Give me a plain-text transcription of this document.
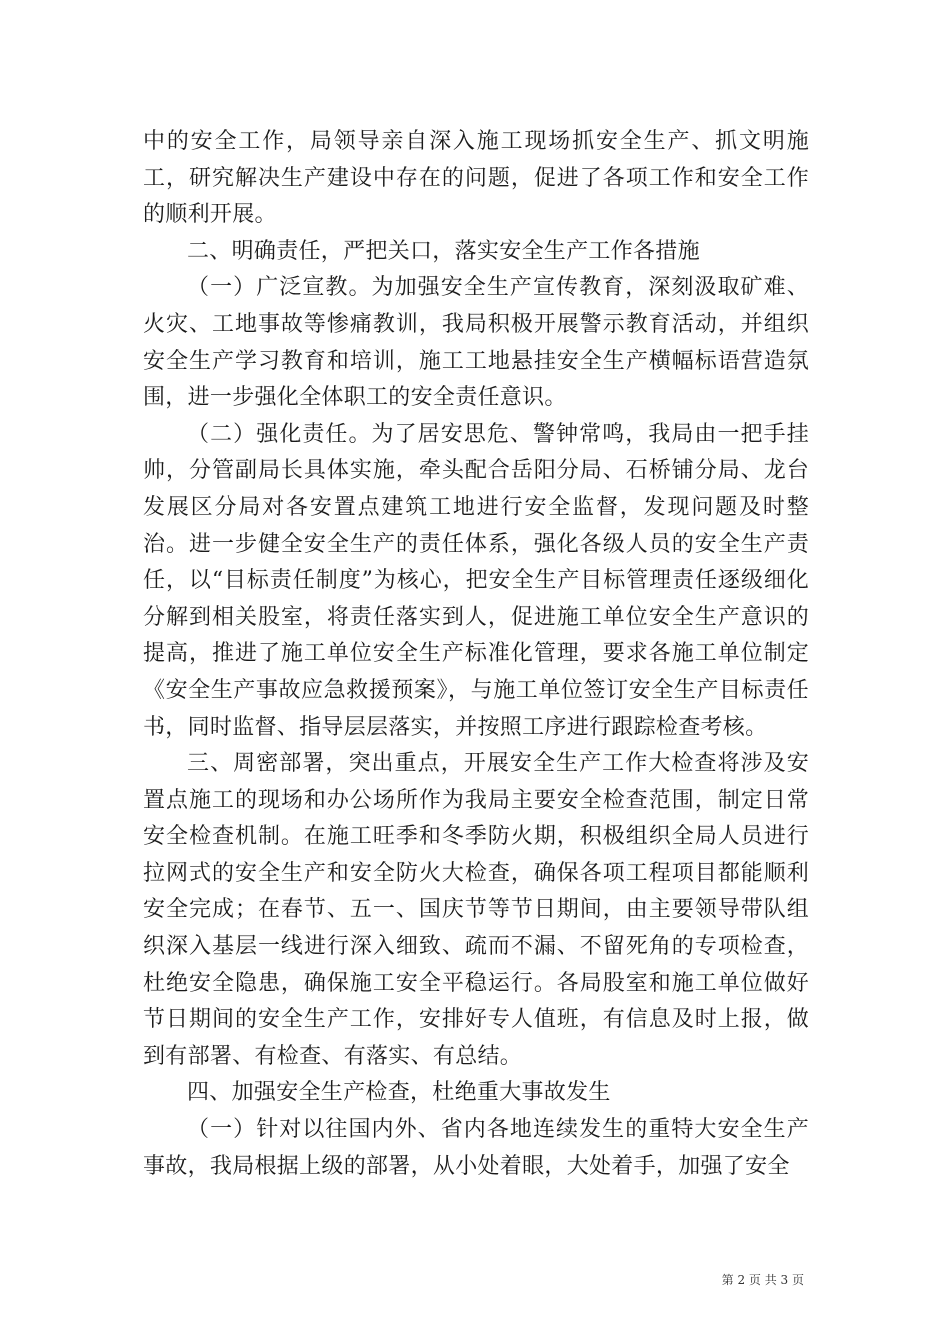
中的安全工作，局领导亲自深入施工现场抓安全生产、抓文明施工，研究解决生产建设中存在的问题，促进了各项工作和安全工作的顺利开展。

二、明确责任，严把关口，落实安全生产工作各措施

（一）广泛宣教。为加强安全生产宣传教育，深刻汲取矿难、火灾、工地事故等惨痛教训，我局积极开展警示教育活动，并组织安全生产学习教育和培训，施工工地悬挂安全生产横幅标语营造氛围，进一步强化全体职工的安全责任意识。

（二）强化责任。为了居安思危、警钟常鸣，我局由一把手挂帅，分管副局长具体实施，牵头配合岳阳分局、石桥铺分局、龙台发展区分局对各安置点建筑工地进行安全监督，发现问题及时整治。进一步健全安全生产的责任体系，强化各级人员的安全生产责任，以“目标责任制度”为核心，把安全生产目标管理责任逐级细化分解到相关股室，将责任落实到人，促进施工单位安全生产意识的提高，推进了施工单位安全生产标准化管理，要求各施工单位制定《安全生产事故应急救援预案》，与施工单位签订安全生产目标责任书，同时监督、指导层层落实，并按照工序进行跟踪检查考核。

三、周密部署，突出重点，开展安全生产工作大检查将涉及安置点施工的现场和办公场所作为我局主要安全检查范围，制定日常安全检查机制。在施工旺季和冬季防火期，积极组织全局人员进行拉网式的安全生产和安全防火大检查，确保各项工程项目都能顺利安全完成；在春节、五一、国庆节等节日期间，由主要领导带队组织深入基层一线进行深入细致、疏而不漏、不留死角的专项检查，杜绝安全隐患，确保施工安全平稳运行。各局股室和施工单位做好节日期间的安全生产工作，安排好专人值班，有信息及时上报，做到有部署、有检查、有落实、有总结。

四、加强安全生产检查，杜绝重大事故发生

（一）针对以往国内外、省内各地连续发生的重特大安全生产事故，我局根据上级的部署，从小处着眼，大处着手，加强了安全

第 2 页 共 3 页
